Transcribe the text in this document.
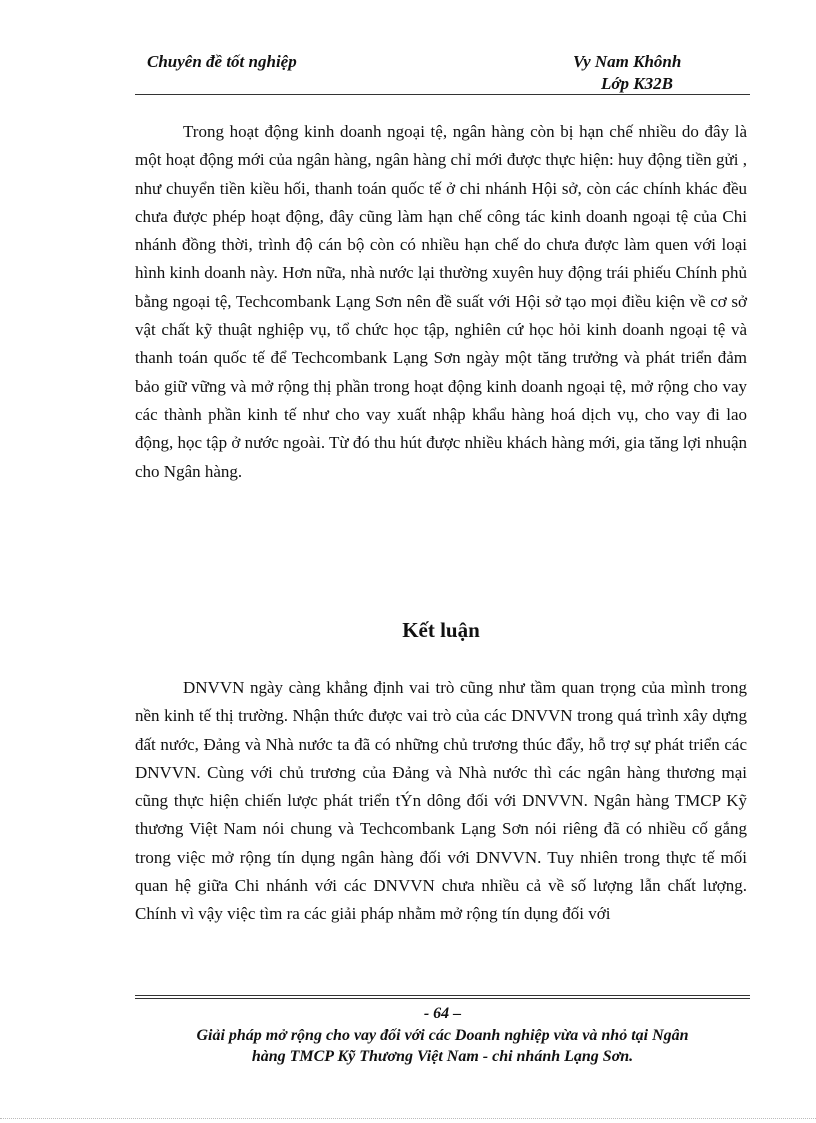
Chuyên đề tốt nghiệp	Vy Nam Khônh
Lớp K32B
Trong hoạt động kinh doanh ngoại tệ, ngân hàng còn bị hạn chế nhiều do đây là một hoạt động mới của ngân hàng, ngân hàng chỉ mới được thực hiện: huy động tiền gửi , như chuyển tiền kiều hối, thanh toán quốc tế ở chi nhánh Hội sở, còn các chính khác đều chưa được phép hoạt động, đây cũng làm hạn chế công tác kinh doanh ngoại tệ của Chi nhánh đồng thời, trình độ cán bộ còn có nhiều hạn chế do chưa được làm quen với loại hình kinh doanh này. Hơn nữa, nhà nước lại thường xuyên huy động trái phiếu Chính phủ bằng ngoại tệ, Techcombank Lạng Sơn nên đề suất với Hội sở tạo mọi điều kiện về cơ sở vật chất kỹ thuật nghiệp vụ, tổ chức học tập, nghiên cứ học hỏi kinh doanh ngoại tệ và thanh toán quốc tế để Techcombank Lạng Sơn ngày một tăng trưởng và phát triển đảm bảo giữ vững và mở rộng thị phần trong hoạt động kinh doanh ngoại tệ, mở rộng cho vay các thành phần kinh tế như cho vay xuất nhập khẩu hàng hoá dịch vụ, cho vay đi lao động, học tập ở nước ngoài. Từ đó thu hút được nhiều khách hàng mới, gia tăng lợi nhuận cho Ngân hàng.
Kết luận
DNVVN ngày càng khẳng định vai trò cũng như tầm quan trọng của mình trong nền kinh tế thị trường. Nhận thức được vai trò của các DNVVN trong quá trình xây dựng đất nước, Đảng và Nhà nước ta đã có những chủ trương thúc đẩy, hỗ trợ sự phát triển các DNVVN. Cùng với chủ trương của Đảng và Nhà nước thì các ngân hàng thương mại cũng thực hiện chiến lược phát triển tÝn dông đối với DNVVN. Ngân hàng TMCP Kỹ thương Việt Nam nói chung và Techcombank Lạng Sơn nói riêng đã có nhiều cố gắng trong việc mở rộng tín dụng ngân hàng đối với DNVVN. Tuy nhiên trong thực tế mối quan hệ giữa Chi nhánh với các DNVVN chưa nhiều cả về số lượng lẫn chất lượng. Chính vì vậy việc tìm ra các giải pháp nhằm mở rộng tín dụng đối với
- 64 –
Giải pháp mở rộng cho vay đối với các Doanh nghiệp vừa và nhỏ tại Ngân
hàng TMCP Kỹ Thương Việt Nam - chi nhánh Lạng Sơn.
